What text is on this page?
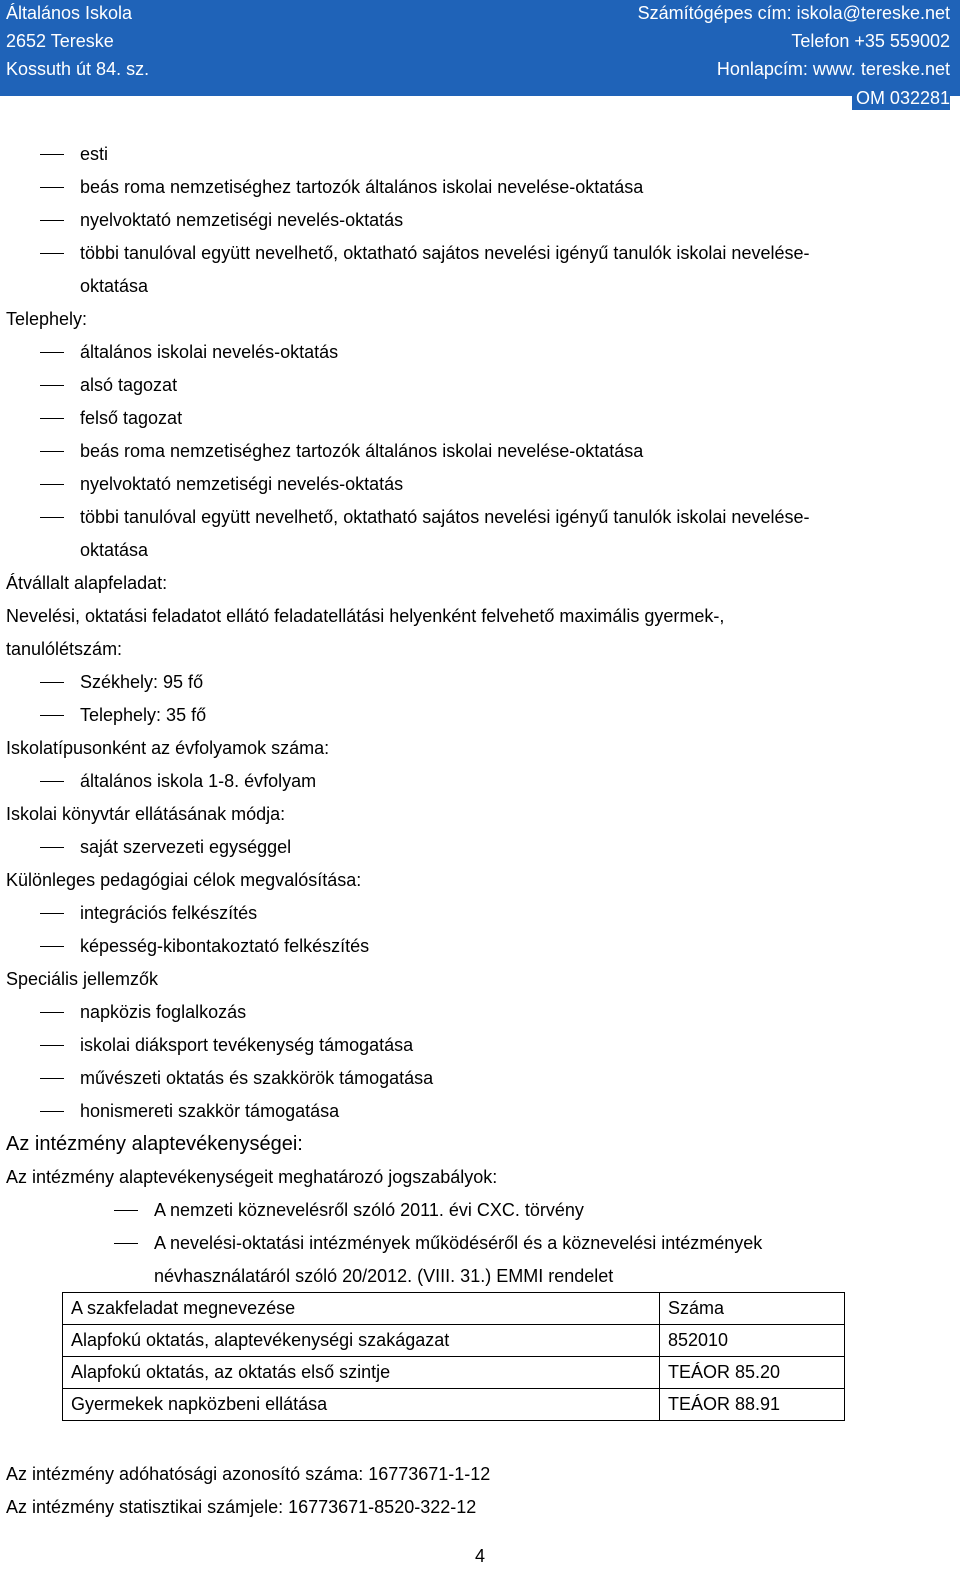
Általános Iskola
2652 Tereske
Kossuth út 84. sz.
Számítógépes cím: iskola@tereske.net
Telefon +35 559002
Honlapcím: www. tereske.net
OM 032281
esti
beás roma nemzetiséghez tartozók általános iskolai nevelése-oktatása
nyelvoktató nemzetiségi nevelés-oktatás
többi tanulóval együtt nevelhető, oktatható sajátos nevelési igényű tanulók iskolai nevelése-
oktatása
Telephely:
általános iskolai nevelés-oktatás
alsó tagozat
felső tagozat
beás roma nemzetiséghez tartozók általános iskolai nevelése-oktatása
nyelvoktató nemzetiségi nevelés-oktatás
többi tanulóval együtt nevelhető, oktatható sajátos nevelési igényű tanulók iskolai nevelése-
oktatása
Átvállalt alapfeladat:
Nevelési, oktatási feladatot ellátó feladatellátási helyenként felvehető maximális gyermek-,
tanulólétszám:
Székhely: 95 fő
Telephely: 35 fő
Iskolatípusonként az évfolyamok száma:
általános iskola 1-8. évfolyam
Iskolai könyvtár ellátásának módja:
saját szervezeti egységgel
Különleges pedagógiai célok megvalósítása:
integrációs felkészítés
képesség-kibontakoztató felkészítés
Speciális jellemzők
napközis foglalkozás
iskolai diáksport tevékenység támogatása
művészeti oktatás és szakkörök támogatása
honismereti szakkör támogatása
Az intézmény alaptevékenységei:
Az intézmény alaptevékenységeit meghatározó jogszabályok:
A nemzeti köznevelésről szóló 2011. évi CXC. törvény
A nevelési-oktatási intézmények működéséről és a köznevelési intézmények
névhasználatáról szóló 20/2012. (VIII. 31.) EMMI rendelet
A szakfeladat megnevezése	Száma
Alapfokú oktatás, alaptevékenységi szakágazat	852010
Alapfokú oktatás, az oktatás első szintje	TEÁOR 85.20
Gyermekek napközbeni ellátása	TEÁOR 88.91
Az intézmény adóhatósági azonosító száma: 16773671-1-12
Az intézmény statisztikai számjele: 16773671-8520-322-12
4
